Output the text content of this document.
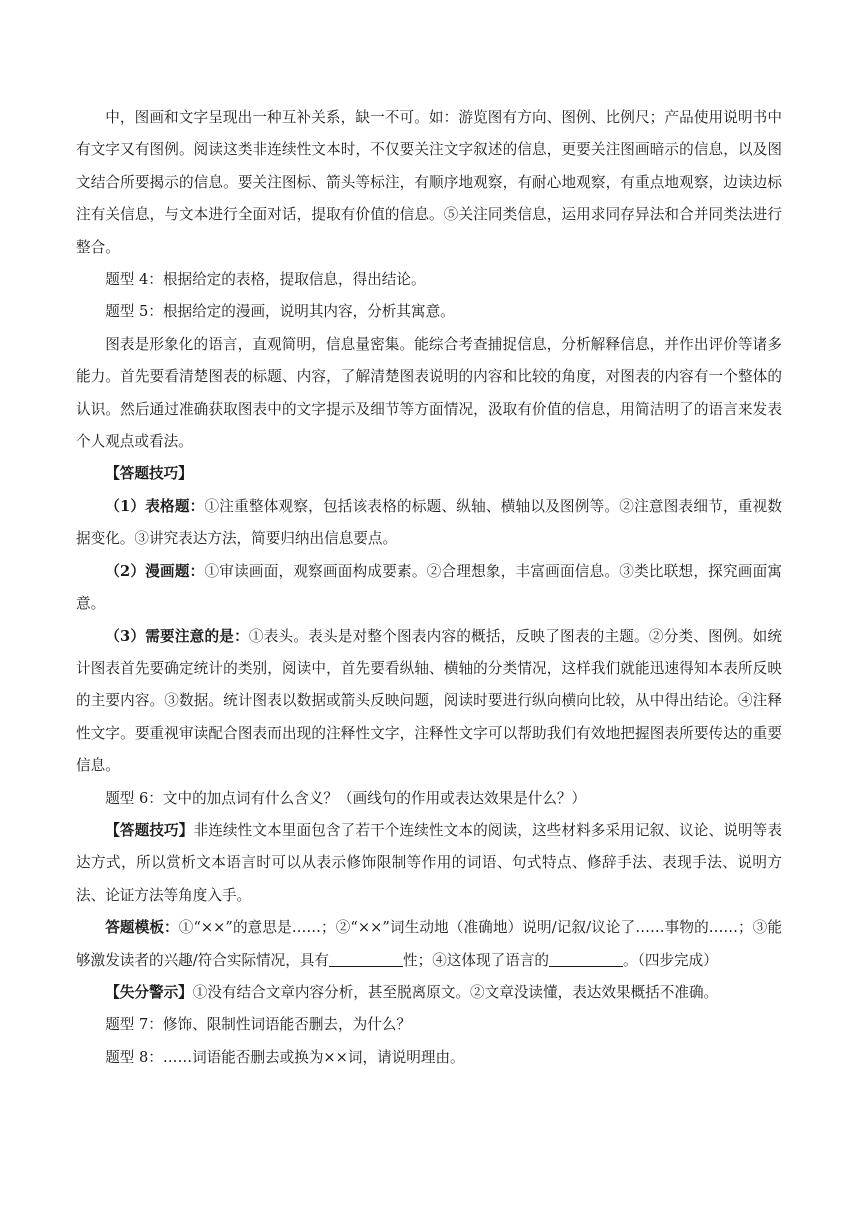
中，图画和文字呈现出一种互补关系，缺一不可。如：游览图有方向、图例、比例尺；产品使用说明书中有文字又有图例。阅读这类非连续性文本时，不仅要关注文字叙述的信息，更要关注图画暗示的信息，以及图文结合所要揭示的信息。要关注图标、箭头等标注，有顺序地观察，有耐心地观察，有重点地观察，边读边标注有关信息，与文本进行全面对话，提取有价值的信息。⑤关注同类信息，运用求同存异法和合并同类法进行整合。

题型 4：根据给定的表格，提取信息，得出结论。

题型 5：根据给定的漫画，说明其内容，分析其寓意。

图表是形象化的语言，直观简明，信息量密集。能综合考查捕捉信息，分析解释信息，并作出评价等诸多能力。首先要看清楚图表的标题、内容，了解清楚图表说明的内容和比较的角度，对图表的内容有一个整体的认识。然后通过准确获取图表中的文字提示及细节等方面情况，汲取有价值的信息，用简洁明了的语言来发表个人观点或看法。

【答题技巧】

（1）表格题：①注重整体观察，包括该表格的标题、纵轴、横轴以及图例等。②注意图表细节，重视数据变化。③讲究表达方法，简要归纳出信息要点。

（2）漫画题：①审读画面，观察画面构成要素。②合理想象，丰富画面信息。③类比联想，探究画面寓意。

（3）需要注意的是：①表头。表头是对整个图表内容的概括，反映了图表的主题。②分类、图例。如统计图表首先要确定统计的类别，阅读中，首先要看纵轴、横轴的分类情况，这样我们就能迅速得知本表所反映的主要内容。③数据。统计图表以数据或箭头反映问题，阅读时要进行纵向横向比较，从中得出结论。④注释性文字。要重视审读配合图表而出现的注释性文字，注释性文字可以帮助我们有效地把握图表所要传达的重要信息。

题型 6：文中的加点词有什么含义？（画线句的作用或表达效果是什么？）

【答题技巧】非连续性文本里面包含了若干个连续性文本的阅读，这些材料多采用记叙、议论、说明等表达方式，所以赏析文本语言时可以从表示修饰限制等作用的词语、句式特点、修辞手法、表现手法、说明方法、论证方法等角度入手。

答题模板：①“××”的意思是……；②“××”词生动地（准确地）说明/记叙/议论了……事物的……；③能够激发读者的兴趣/符合实际情况，具有	性；④这体现了语言的	。（四步完成）

【失分警示】①没有结合文章内容分析，甚至脱离原文。②文章没读懂，表达效果概括不准确。

题型 7：修饰、限制性词语能否删去，为什么？

题型 8：……词语能否删去或换为××词，请说明理由。
